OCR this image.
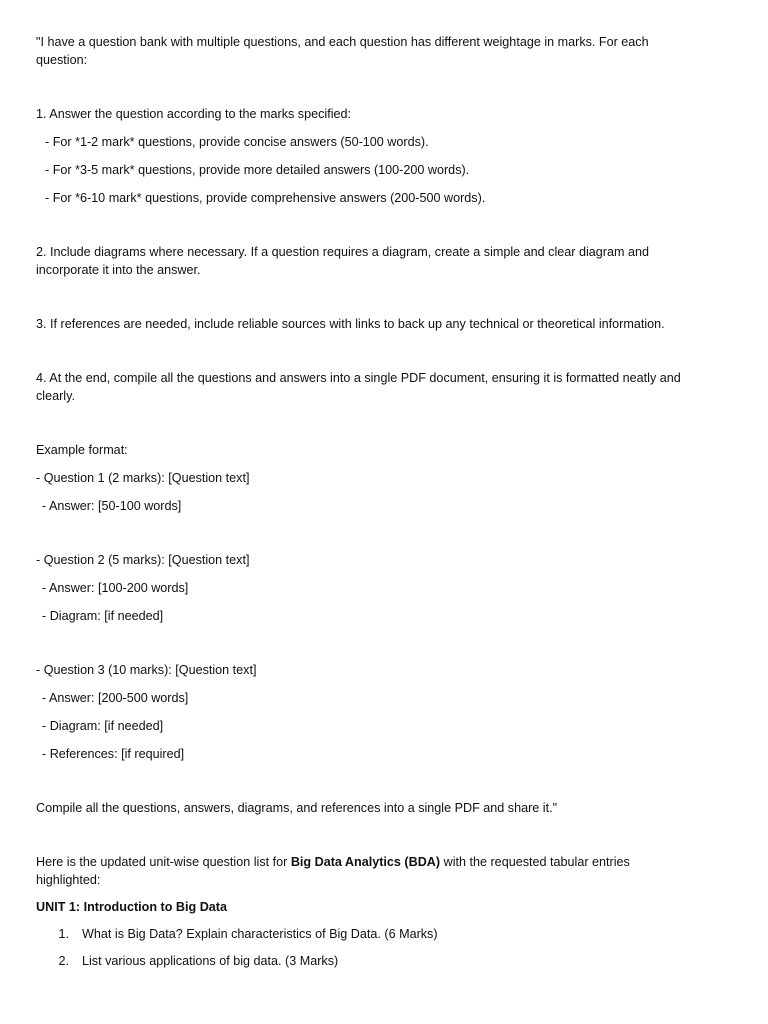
"I have a question bank with multiple questions, and each question has different weightage in marks. For each question:

1. Answer the question according to the marks specified:

- For *1-2 mark* questions, provide concise answers (50-100 words).

- For *3-5 mark* questions, provide more detailed answers (100-200 words).

- For *6-10 mark* questions, provide comprehensive answers (200-500 words).

2. Include diagrams where necessary. If a question requires a diagram, create a simple and clear diagram and incorporate it into the answer.

3. If references are needed, include reliable sources with links to back up any technical or theoretical information.

4. At the end, compile all the questions and answers into a single PDF document, ensuring it is formatted neatly and clearly.

Example format:

- Question 1 (2 marks): [Question text]

- Answer: [50-100 words]

- Question 2 (5 marks): [Question text]

- Answer: [100-200 words]

- Diagram: [if needed]

- Question 3 (10 marks): [Question text]

- Answer: [200-500 words]

- Diagram: [if needed]

- References: [if required]

Compile all the questions, answers, diagrams, and references into a single PDF and share it."

Here is the updated unit-wise question list for Big Data Analytics (BDA) with the requested tabular entries highlighted:

UNIT 1: Introduction to Big Data

1.	What is Big Data? Explain characteristics of Big Data. (6 Marks)
2.	List various applications of big data. (3 Marks)
